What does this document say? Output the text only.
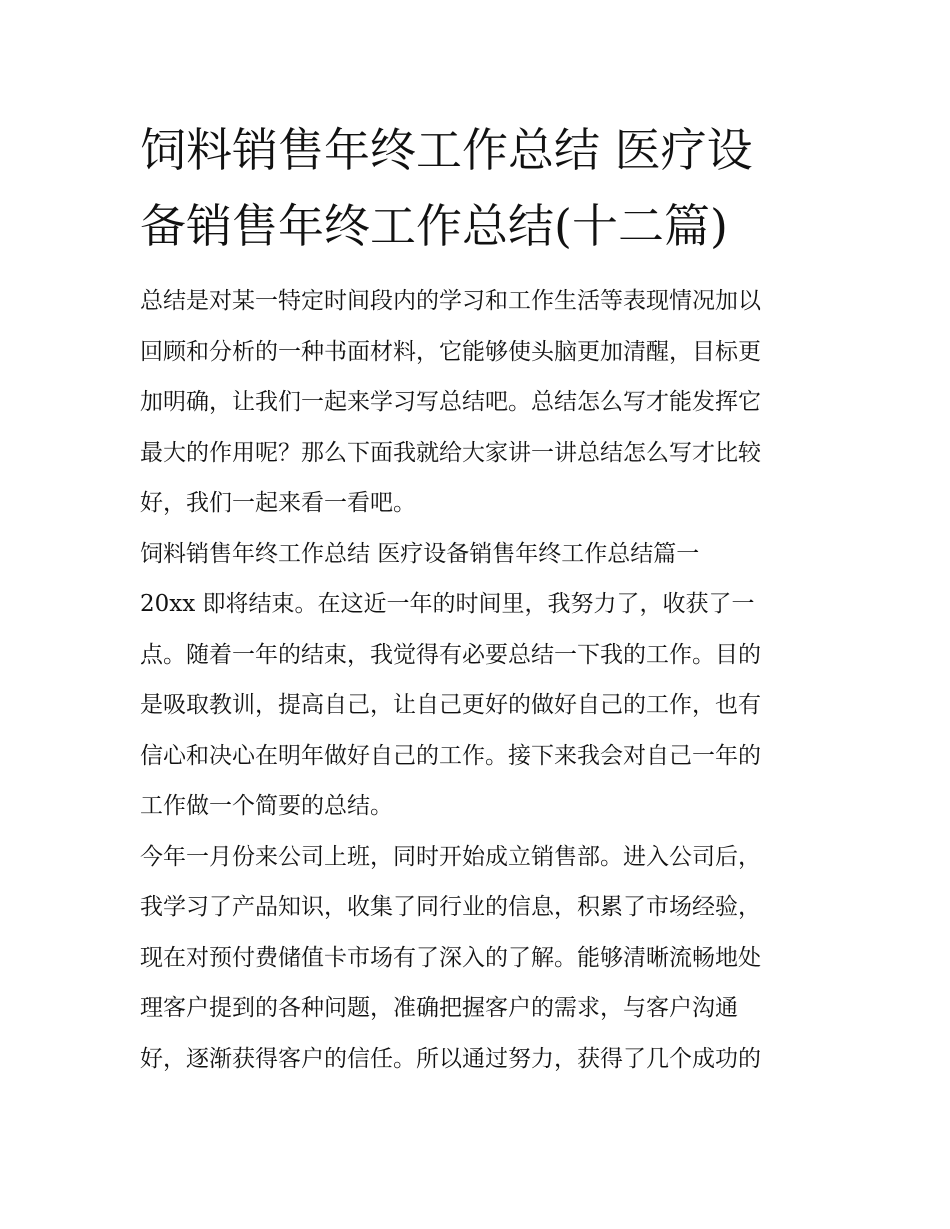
饲料销售年终工作总结 医疗设
备销售年终工作总结(十二篇)
总结是对某一特定时间段内的学习和工作生活等表现情况加以
回顾和分析的一种书面材料，它能够使头脑更加清醒，目标更
加明确，让我们一起来学习写总结吧。总结怎么写才能发挥它
最大的作用呢？那么下面我就给大家讲一讲总结怎么写才比较
好，我们一起来看一看吧。
饲料销售年终工作总结 医疗设备销售年终工作总结篇一
20xx 即将结束。在这近一年的时间里，我努力了，收获了一
点。随着一年的结束，我觉得有必要总结一下我的工作。目的
是吸取教训，提高自己，让自己更好的做好自己的工作，也有
信心和决心在明年做好自己的工作。接下来我会对自己一年的
工作做一个简要的总结。
今年一月份来公司上班，同时开始成立销售部。进入公司后，
我学习了产品知识，收集了同行业的信息，积累了市场经验，
现在对预付费储值卡市场有了深入的了解。能够清晰流畅地处
理客户提到的各种问题，准确把握客户的需求，与客户沟通
好，逐渐获得客户的信任。所以通过努力，获得了几个成功的
